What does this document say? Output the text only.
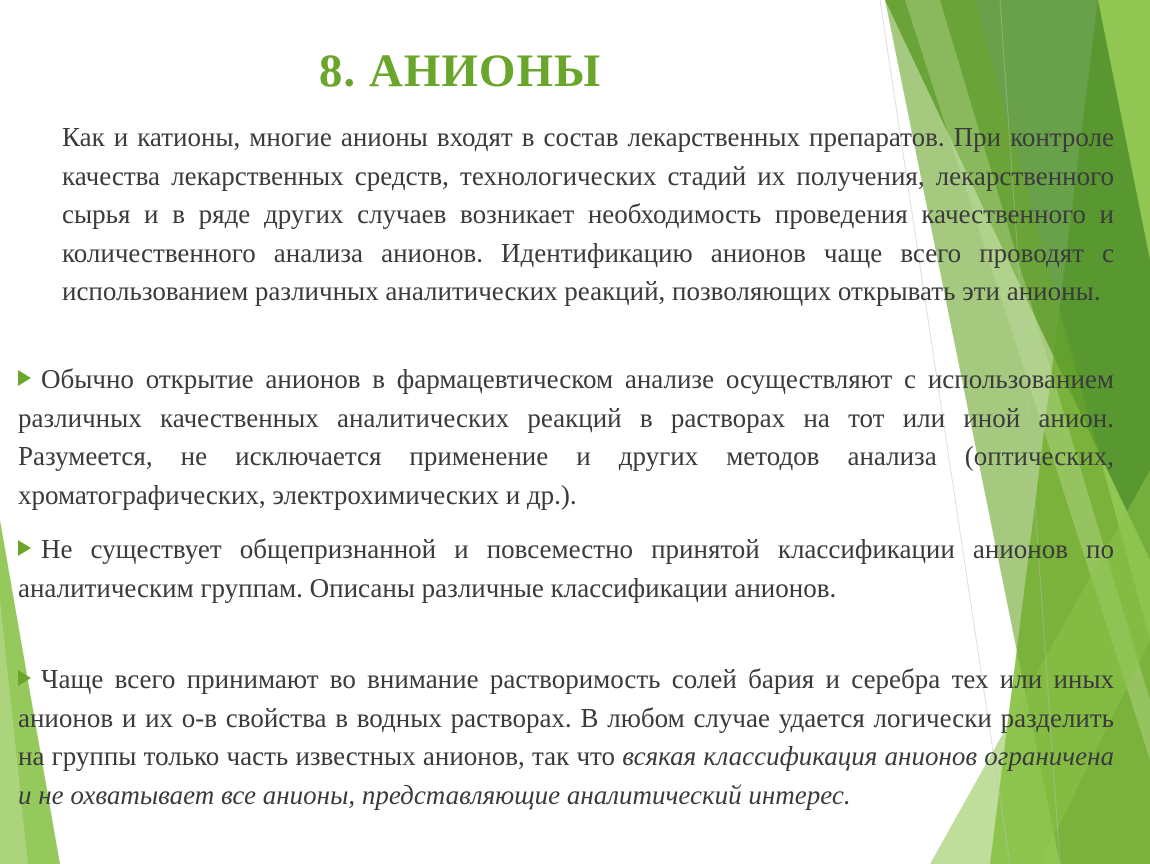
8. АНИОНЫ

Как и катионы, многие анионы входят в состав лекарственных препаратов. При контроле качества лекарственных средств, технологических стадий их получения, лекарственного сырья и в ряде других случаев возникает необходимость проведения качественного и количественного анализа анионов. Идентификацию анионов чаще всего проводят с использованием различных аналитических реакций, позволяющих открывать эти анионы.

Обычно открытие анионов в фармацевтическом анализе осуществляют с использованием различных качественных аналитических реакций в растворах на тот или иной анион. Разумеется, не исключается применение и других методов анализа (оптических, хроматографических, электрохимических и др.).

Не существует общепризнанной и повсеместно принятой классификации анионов по аналитическим группам. Описаны различные классификации анионов.

Чаще всего принимают во внимание растворимость солей бария и серебра тех или иных анионов и их о-в свойства в водных растворах. В любом случае удается логически разделить на группы только часть известных анионов, так что всякая классификация анионов ограничена и не охватывает все анионы, представляющие аналитический интерес.
